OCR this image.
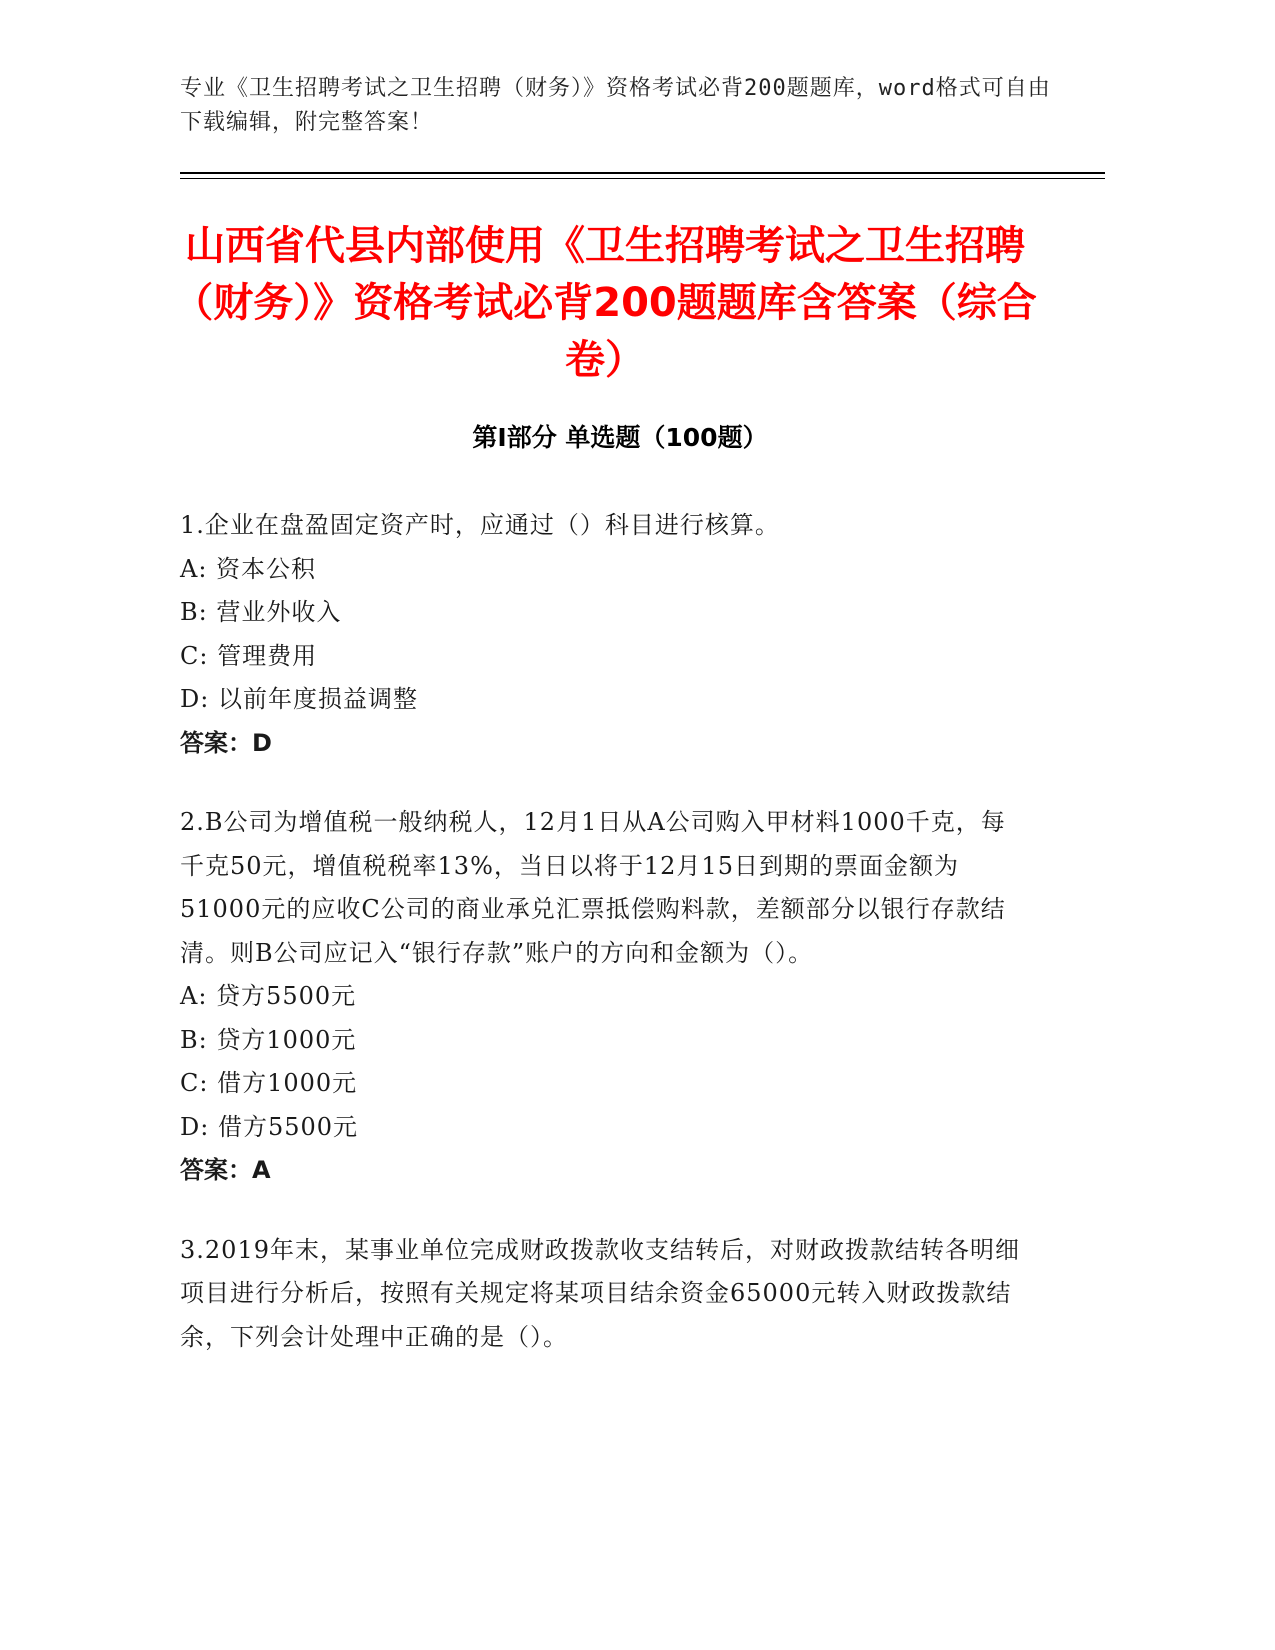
专业《卫生招聘考试之卫生招聘（财务）》资格考试必背200题题库，word格式可自由下载编辑，附完整答案！
山西省代县内部使用《卫生招聘考试之卫生招聘（财务）》资格考试必背200题题库含答案（综合卷）
第I部分 单选题（100题）
1.企业在盘盈固定资产时，应通过（）科目进行核算。
A: 资本公积
B: 营业外收入
C: 管理费用
D: 以前年度损益调整
答案：D
2.B公司为增值税一般纳税人，12月1日从A公司购入甲材料1000千克，每千克50元，增值税税率13%，当日以将于12月15日到期的票面金额为51000元的应收C公司的商业承兑汇票抵偿购料款，差额部分以银行存款结清。则B公司应记入“银行存款”账户的方向和金额为（）。
A: 贷方5500元
B: 贷方1000元
C: 借方1000元
D: 借方5500元
答案：A
3.2019年末，某事业单位完成财政拨款收支结转后，对财政拨款结转各明细项目进行分析后，按照有关规定将某项目结余资金65000元转入财政拨款结余，下列会计处理中正确的是（）。
